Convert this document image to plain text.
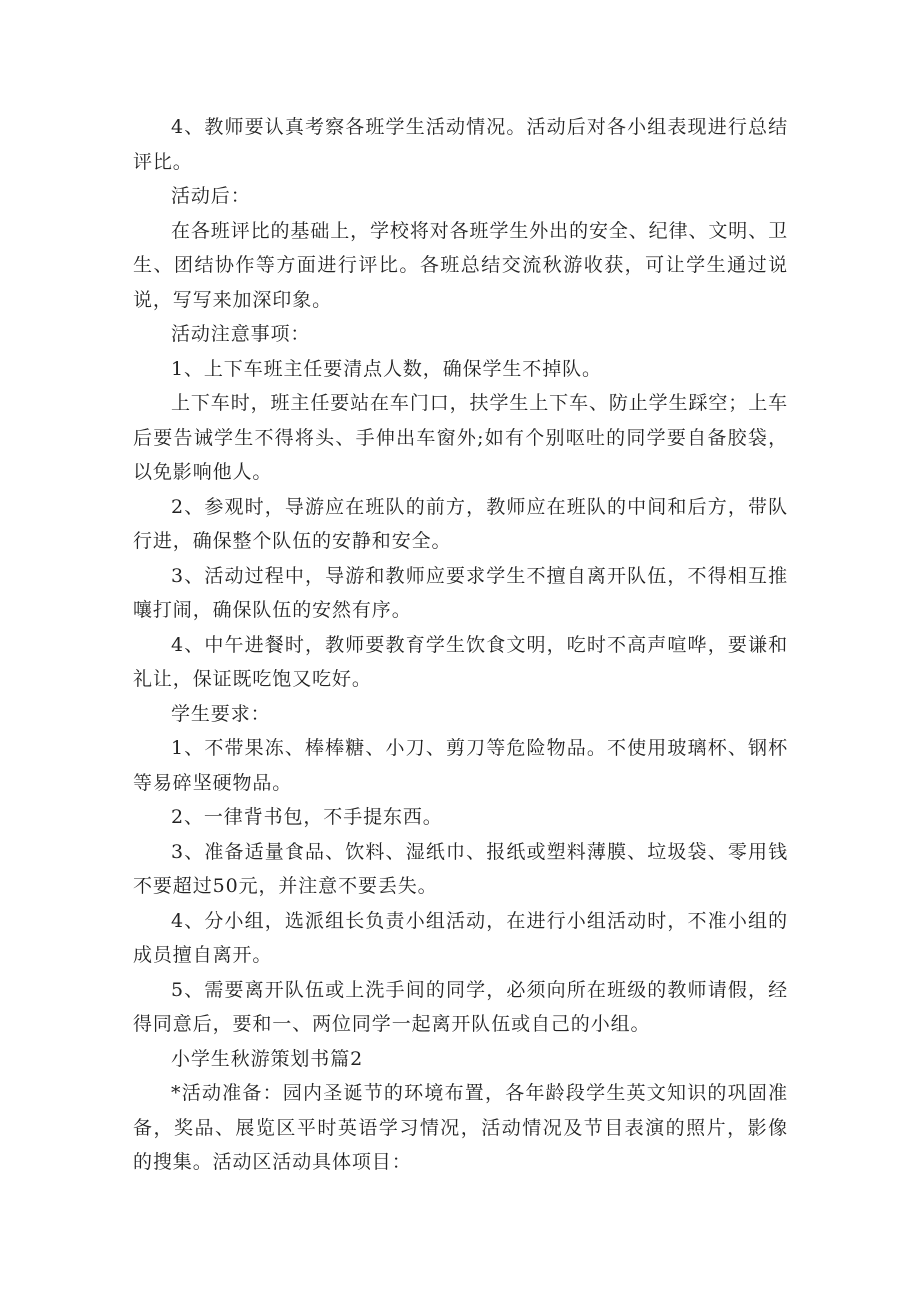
4、教师要认真考察各班学生活动情况。活动后对各小组表现进行总结评比。

活动后：

在各班评比的基础上，学校将对各班学生外出的安全、纪律、文明、卫生、团结协作等方面进行评比。各班总结交流秋游收获，可让学生通过说说，写写来加深印象。

活动注意事项：

1、上下车班主任要清点人数，确保学生不掉队。

上下车时，班主任要站在车门口，扶学生上下车、防止学生踩空；上车后要告诫学生不得将头、手伸出车窗外;如有个别呕吐的同学要自备胶袋，以免影响他人。

2、参观时，导游应在班队的前方，教师应在班队的中间和后方，带队行进，确保整个队伍的安静和安全。

3、活动过程中，导游和教师应要求学生不擅自离开队伍，不得相互推嚷打闹，确保队伍的安然有序。

4、中午进餐时，教师要教育学生饮食文明，吃时不高声喧哗，要谦和礼让，保证既吃饱又吃好。

学生要求：

1、不带果冻、棒棒糖、小刀、剪刀等危险物品。不使用玻璃杯、钢杯等易碎坚硬物品。

2、一律背书包，不手提东西。

3、准备适量食品、饮料、湿纸巾、报纸或塑料薄膜、垃圾袋、零用钱不要超过50元，并注意不要丢失。

4、分小组，选派组长负责小组活动，在进行小组活动时，不准小组的成员擅自离开。

5、需要离开队伍或上洗手间的同学，必须向所在班级的教师请假，经得同意后，要和一、两位同学一起离开队伍或自己的小组。

小学生秋游策划书篇2

*活动准备：园内圣诞节的环境布置，各年龄段学生英文知识的巩固准备，奖品、展览区平时英语学习情况，活动情况及节目表演的照片，影像的搜集。活动区活动具体项目：
